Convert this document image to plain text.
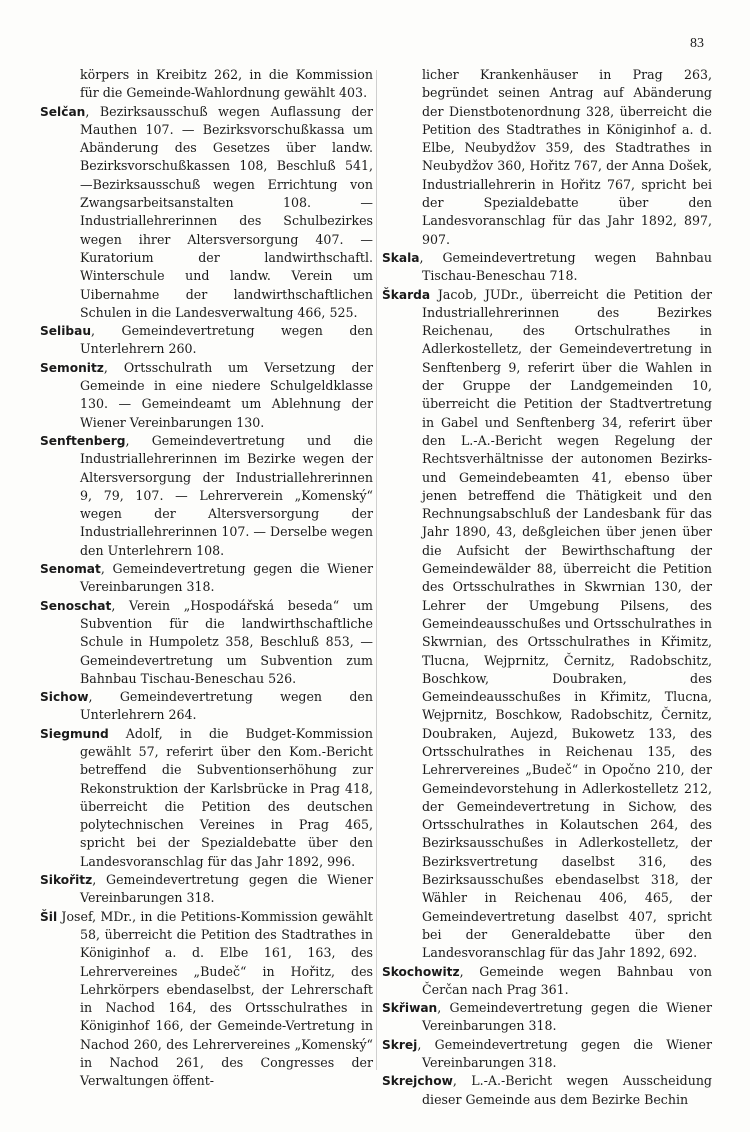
83

körpers in Kreibitz 262, in die Kommission für die Gemeinde-Wahlordnung gewählt 403.

Selčan, Bezirksausschuß wegen Auflassung der Mauthen 107. — Bezirksvorschußkassa um Abänderung des Gesetzes über landw. Bezirksvorschußkassen 108, Beschluß 541, —Bezirksausschuß wegen Errichtung von Zwangsarbeitsanstalten 108. — Industriallehrerinnen des Schulbezirkes wegen ihrer Altersversorgung 407. — Kuratorium der landwirthschaftl. Winterschule und landw. Verein um Uibernahme der landwirthschaftlichen Schulen in die Landesverwaltung 466, 525.

Selibau, Gemeindevertretung wegen den Unterlehrern 260.

Semonitz, Ortsschulrath um Versetzung der Gemeinde in eine niedere Schulgeldklasse 130. — Gemeindeamt um Ablehnung der Wiener Vereinbarungen 130.

Senftenberg, Gemeindevertretung und die Industriallehrerinnen im Bezirke wegen der Altersversorgung der Industriallehrerinnen 9, 79, 107. — Lehrerverein „Komenský“ wegen der Altersversorgung der Industriallehrerinnen 107. — Derselbe wegen den Unterlehrern 108.

Senomat, Gemeindevertretung gegen die Wiener Vereinbarungen 318.

Senoschat, Verein „Hospodářská beseda“ um Subvention für die landwirthschaftliche Schule in Humpoletz 358, Beschluß 853, — Gemeindevertretung um Subvention zum Bahnbau Tischau-Beneschau 526.

Sichow, Gemeindevertretung wegen den Unterlehrern 264.

Siegmund Adolf, in die Budget-Kommission gewählt 57, referirt über den Kom.-Bericht betreffend die Subventionserhöhung zur Rekonstruktion der Karlsbrücke in Prag 418, überreicht die Petition des deutschen polytechnischen Vereines in Prag 465, spricht bei der Spezialdebatte über den Landesvoranschlag für das Jahr 1892, 996.

Sikořitz, Gemeindevertretung gegen die Wiener Vereinbarungen 318.

Šil Josef, MDr., in die Petitions-Kommission gewählt 58, überreicht die Petition des Stadtrathes in Königinhof a. d. Elbe 161, 163, des Lehrervereines „Budeč“ in Hořitz, des Lehrkörpers ebendaselbst, der Lehrerschaft in Nachod 164, des Ortsschulrathes in Königinhof 166, der Gemeinde-Vertretung in Nachod 260, des Lehrervereines „Komenský“ in Nachod 261, des Congresses der Verwaltungen öffent-

licher Krankenhäuser in Prag 263, begründet seinen Antrag auf Abänderung der Dienstbotenordnung 328, überreicht die Petition des Stadtrathes in Königinhof a. d. Elbe, Neubydžov 359, des Stadtrathes in Neubydžov 360, Hořitz 767, der Anna Došek, Industriallehrerin in Hořitz 767, spricht bei der Spezialdebatte über den Landesvoranschlag für das Jahr 1892, 897, 907.

Skala, Gemeindevertretung wegen Bahnbau Tischau-Beneschau 718.

Škarda Jacob, JUDr., überreicht die Petition der Industriallehrerinnen des Bezirkes Reichenau, des Ortschulrathes in Adlerkostelletz, der Gemeindevertretung in Senftenberg 9, referirt über die Wahlen in der Gruppe der Landgemeinden 10, überreicht die Petition der Stadtvertretung in Gabel und Senftenberg 34, referirt über den L.-A.-Bericht wegen Regelung der Rechtsverhältnisse der autonomen Bezirks- und Gemeindebeamten 41, ebenso über jenen betreffend die Thätigkeit und den Rechnungsabschluß der Landesbank für das Jahr 1890, 43, deßgleichen über jenen über die Aufsicht der Bewirthschaftung der Gemeindewälder 88, überreicht die Petition des Ortsschulrathes in Skwrnian 130, der Lehrer der Umgebung Pilsens, des Gemeindeausschußes und Ortsschulrathes in Skwrnian, des Ortsschulrathes in Křimitz, Tlucna, Wejprnitz, Černitz, Radobschitz, Boschkow, Doubraken, des Gemeindeausschußes in Křimitz, Tlucna, Wejprnitz, Boschkow, Radobschitz, Černitz, Doubraken, Aujezd, Bukowetz 133, des Ortsschulrathes in Reichenau 135, des Lehrervereines „Budeč“ in Opočno 210, der Gemeindevorstehung in Adlerkostelletz 212, der Gemeindevertretung in Sichow, des Ortsschulrathes in Kolautschen 264, des Bezirksausschußes in Adlerkostelletz, der Bezirksvertretung daselbst 316, des Bezirksausschußes ebendaselbst 318, der Wähler in Reichenau 406, 465, der Gemeindevertretung daselbst 407, spricht bei der Generaldebatte über den Landesvoranschlag für das Jahr 1892, 692.

Skochowitz, Gemeinde wegen Bahnbau von Čerčan nach Prag 361.

Skřiwan, Gemeindevertretung gegen die Wiener Vereinbarungen 318.

Skrej, Gemeindevertretung gegen die Wiener Vereinbarungen 318.

Skrejchow, L.-A.-Bericht wegen Ausscheidung dieser Gemeinde aus dem Bezirke Bechin
